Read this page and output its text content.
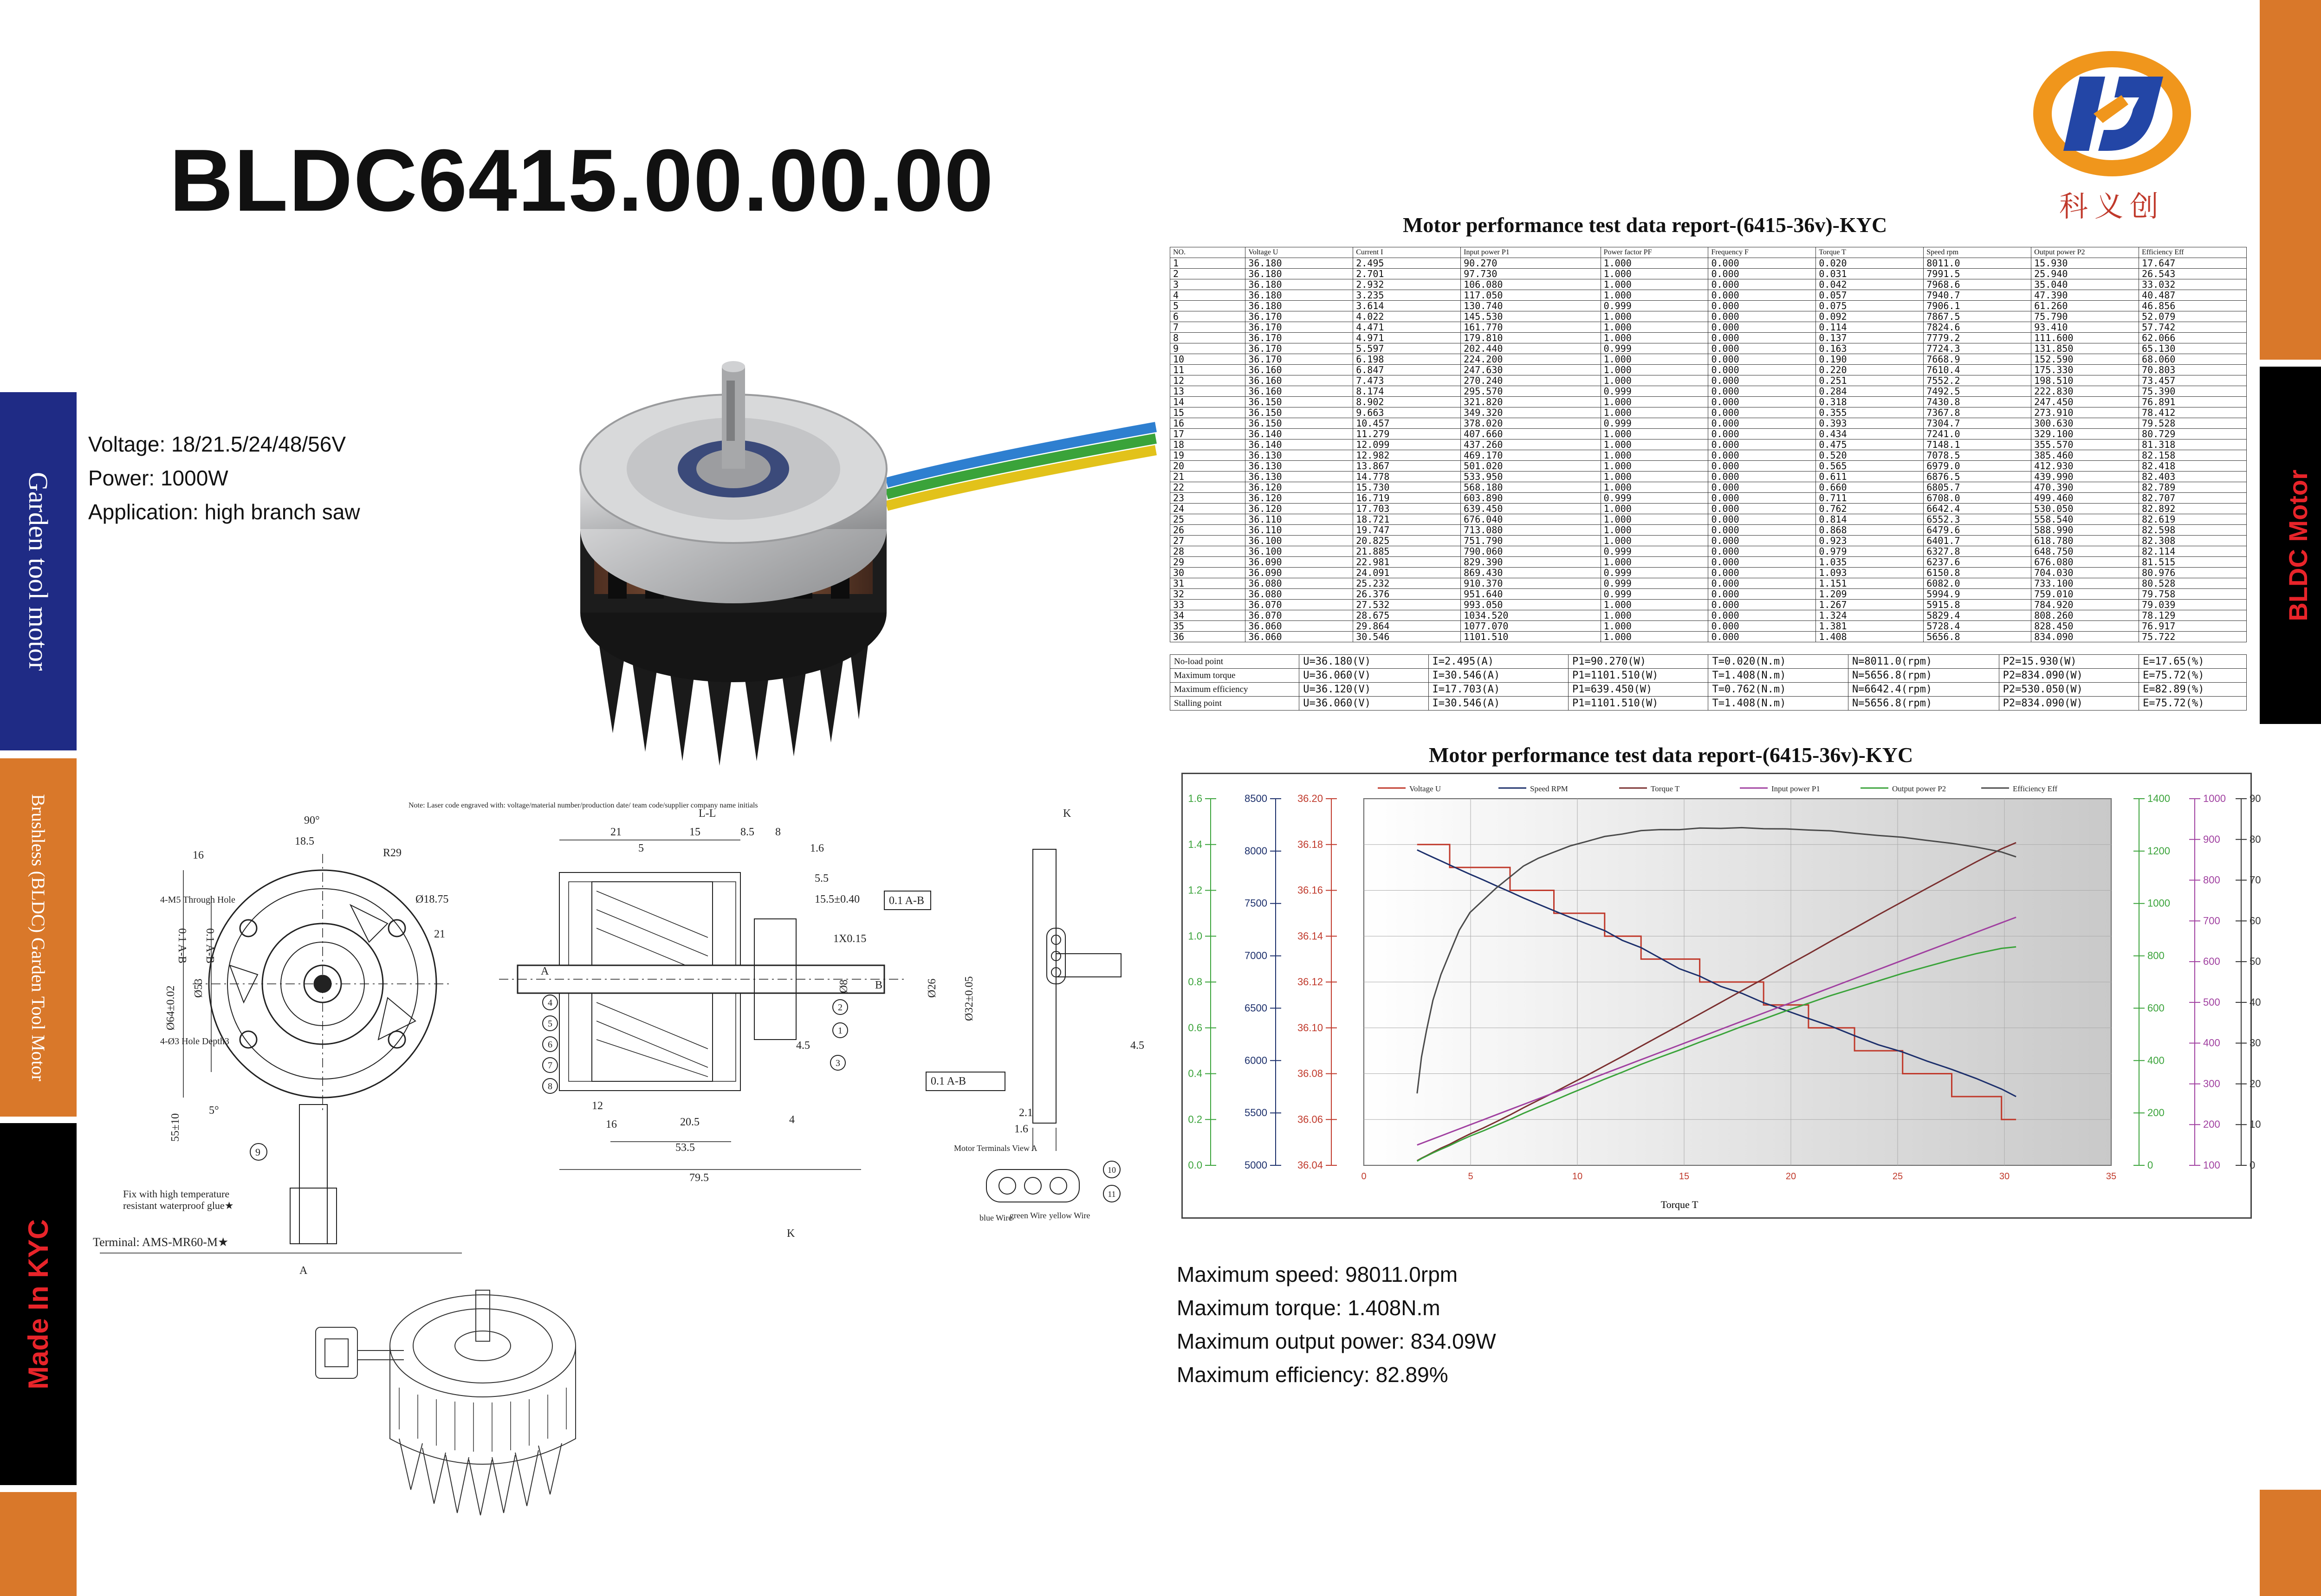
Garden tool motor
Brushless (BLDC) Garden Tool Motor
Made In KYC
BLDC Motor
BLDC6415.00.00.00	科义创
Voltage: 18/21.5/24/48/56V
Power: 1000W
Application: high branch saw
Motor performance test data report-(6415-36v)-KYC
NO.	Voltage U	Current I	Input power P1	Power factor PF	Frequency F	Torque T	Speed rpm	Output power P2	Efficiency Eff
1	36.180	2.495	90.270	1.000	0.000	0.020	8011.0	15.930	17.647
2	36.180	2.701	97.730	1.000	0.000	0.031	7991.5	25.940	26.543
3	36.180	2.932	106.080	1.000	0.000	0.042	7968.6	35.040	33.032
4	36.180	3.235	117.050	1.000	0.000	0.057	7940.7	47.390	40.487
5	36.180	3.614	130.740	0.999	0.000	0.075	7906.1	61.260	46.856
6	36.170	4.022	145.530	1.000	0.000	0.092	7867.5	75.790	52.079
7	36.170	4.471	161.770	1.000	0.000	0.114	7824.6	93.410	57.742
8	36.170	4.971	179.810	1.000	0.000	0.137	7779.2	111.600	62.066
9	36.170	5.597	202.440	0.999	0.000	0.163	7724.3	131.850	65.130
10	36.170	6.198	224.200	1.000	0.000	0.190	7668.9	152.590	68.060
11	36.160	6.847	247.630	1.000	0.000	0.220	7610.4	175.330	70.803
12	36.160	7.473	270.240	1.000	0.000	0.251	7552.2	198.510	73.457
13	36.160	8.174	295.570	0.999	0.000	0.284	7492.5	222.830	75.390
14	36.150	8.902	321.820	1.000	0.000	0.318	7430.8	247.450	76.891
15	36.150	9.663	349.320	1.000	0.000	0.355	7367.8	273.910	78.412
16	36.150	10.457	378.020	0.999	0.000	0.393	7304.7	300.630	79.528
17	36.140	11.279	407.660	1.000	0.000	0.434	7241.0	329.100	80.729
18	36.140	12.099	437.260	1.000	0.000	0.475	7148.1	355.570	81.318
19	36.130	12.982	469.170	1.000	0.000	0.520	7078.5	385.460	82.158
20	36.130	13.867	501.020	1.000	0.000	0.565	6979.0	412.930	82.418
21	36.130	14.778	533.950	1.000	0.000	0.611	6876.5	439.990	82.403
22	36.120	15.730	568.180	1.000	0.000	0.660	6805.7	470.390	82.789
23	36.120	16.719	603.890	0.999	0.000	0.711	6708.0	499.460	82.707
24	36.120	17.703	639.450	1.000	0.000	0.762	6642.4	530.050	82.892
25	36.110	18.721	676.040	1.000	0.000	0.814	6552.3	558.540	82.619
26	36.110	19.747	713.080	1.000	0.000	0.868	6479.6	588.990	82.598
27	36.100	20.825	751.790	1.000	0.000	0.923	6401.7	618.780	82.308
28	36.100	21.885	790.060	0.999	0.000	0.979	6327.8	648.750	82.114
29	36.090	22.981	829.390	1.000	0.000	1.035	6237.6	676.080	81.515
30	36.090	24.091	869.430	0.999	0.000	1.093	6150.8	704.030	80.976
31	36.080	25.232	910.370	0.999	0.000	1.151	6082.0	733.100	80.528
32	36.080	26.376	951.640	0.999	0.000	1.209	5994.9	759.010	79.758
33	36.070	27.532	993.050	1.000	0.000	1.267	5915.8	784.920	79.039
34	36.070	28.675	1034.520	1.000	0.000	1.324	5829.4	808.260	78.129
35	36.060	29.864	1077.070	1.000	0.000	1.381	5728.4	828.450	76.917
36	36.060	30.546	1101.510	1.000	0.000	1.408	5656.8	834.090	75.722
No-load point	U=36.180(V)	I=2.495(A)	P1=90.270(W)	T=0.020(N.m)	N=8011.0(rpm)	P2=15.930(W)	E=17.65(%)
Maximum torque	U=36.060(V)	I=30.546(A)	P1=1101.510(W)	T=1.408(N.m)	N=5656.8(rpm)	P2=834.090(W)	E=75.72(%)
Maximum efficiency	U=36.120(V)	I=17.703(A)	P1=639.450(W)	T=0.762(N.m)	N=6642.4(rpm)	P2=530.050(W)	E=82.89(%)
Stalling point	U=36.060(V)	I=30.546(A)	P1=1101.510(W)	T=1.408(N.m)	N=5656.8(rpm)	P2=834.090(W)	E=75.72(%)
Motor performance test data report-(6415-36v)-KYC
0	5	10	15	20	25	30	35
0.0
0.2
0.4
0.6
0.8
1.0
1.2
1.4
1.6
5000
5500
6000
6500
7000
7500
8000
8500
36.04
36.06
36.08
36.10
36.12
36.14
36.16
36.18
36.20
0
200
400
600
800
1000
1200
1400
100
200
300
400
500
600
700
800
900
1000
0
10
20
30
40
50
60
70
80
90
Voltage U	Speed RPM	Torque T	Input power P1	Output power P2	Efficiency Eff
Torque T
Maximum speed: 98011.0rpm
Maximum torque: 1.408N.m
Maximum output power: 834.09W
Maximum efficiency: 82.89%
90°
18.5
16	R29
Ø18.75
21
4-M5 Through Hole
4-Ø3 Hole Depth3
Ø64±0.02 Ø53
0.1 A-B 0.1 A-B
55±10
5°
9
Fix with high temperature
resistant waterproof glue★
Terminal: AMS-MR60-M★
A
Note: Laser code engraved with: voltage/material number/production date/ team code/supplier company name initials
L-L
21	15	8.5 8
5	1.6
5.5
15.5±0.40
1X0.15
0.1 A-B
Ø8	Ø26 Ø32±0.05
12
16	20.5
53.5
79.5
4
4.5
A
B
0.1 A-B
K
K
4.5
2.1
1.6
4
5
6
7
8
1
2
3
Motor Terminals View A
blue Wire
green Wire yellow Wire
10
11
